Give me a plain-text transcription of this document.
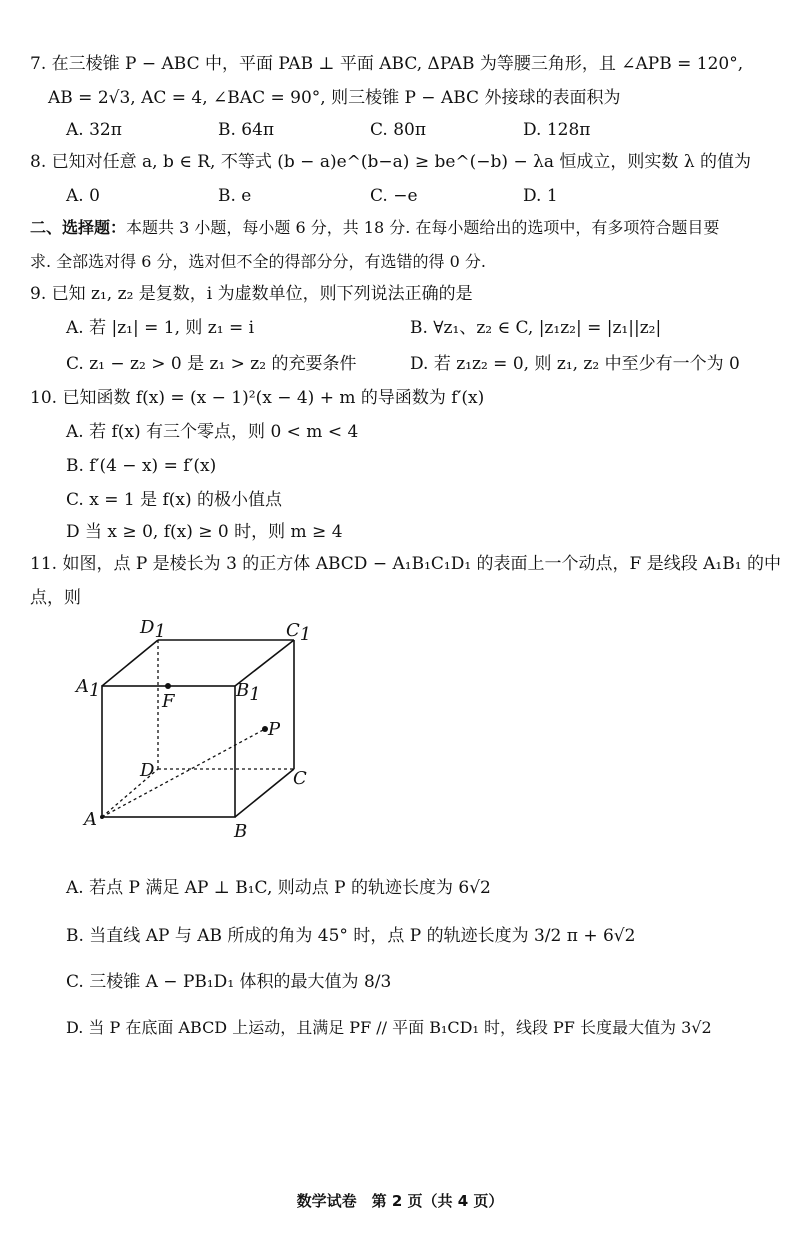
7. 在三棱锥 P − ABC 中，平面 PAB ⊥ 平面 ABC, ΔPAB 为等腰三角形，且 ∠APB = 120°,
AB = 2√3, AC = 4, ∠BAC = 90°, 则三棱锥 P − ABC 外接球的表面积为
A. 32π	B. 64π	C. 80π	D. 128π
8. 已知对任意 a, b ∈ R, 不等式 (b − a)e^(b−a) ≥ be^(−b) − λa 恒成立，则实数 λ 的值为
A. 0	B. e	C. −e	D. 1
二、选择题：本题共 3 小题，每小题 6 分，共 18 分. 在每小题给出的选项中，有多项符合题目要
求. 全部选对得 6 分，选对但不全的得部分分，有选错的得 0 分.
9. 已知 z₁, z₂ 是复数，i 为虚数单位，则下列说法正确的是
A. 若 |z₁| = 1, 则 z₁ = i	B. ∀z₁、z₂ ∈ C, |z₁z₂| = |z₁||z₂|
C. z₁ − z₂ > 0 是 z₁ > z₂ 的充要条件	D. 若 z₁z₂ = 0, 则 z₁, z₂ 中至少有一个为 0
10. 已知函数 f(x) = (x − 1)²(x − 4) + m 的导函数为 f′(x)
A. 若 f(x) 有三个零点，则 0 < m < 4
B. f′(4 − x) = f′(x)
C. x = 1 是 f(x) 的极小值点
D 当 x ≥ 0, f(x) ≥ 0 时，则 m ≥ 4
11. 如图，点 P 是棱长为 3 的正方体 ABCD − A₁B₁C₁D₁ 的表面上一个动点，F 是线段 A₁B₁ 的中
点，则
D1	C1
A1	B1
F
P
D	C
A
B
A. 若点 P 满足 AP ⊥ B₁C, 则动点 P 的轨迹长度为 6√2
B. 当直线 AP 与 AB 所成的角为 45° 时，点 P 的轨迹长度为 3/2 π + 6√2
C. 三棱锥 A − PB₁D₁ 体积的最大值为 8/3
D. 当 P 在底面 ABCD 上运动，且满足 PF // 平面 B₁CD₁ 时，线段 PF 长度最大值为 3√2
数学试卷　第 2 页（共 4 页）
